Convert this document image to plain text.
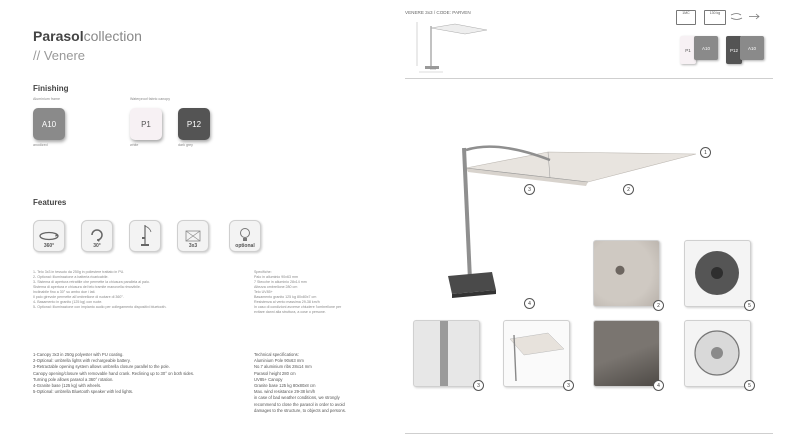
Parasolcollection
// Venere
Finishing
Aluminium frame	Waterproof fabric canopy
A10
anodized
P1
white
P12
dark grey
Features
360°	30°	3x3	optional
1- Telo 3x3 in tessuto da 250g in poliestere trattato in PU.
2- Optional: illuminazione a batteria ricaricabile.
3- Sistema di apertura retrattile che permette la chiusura parallela al palo.
Sistema di apertura e chiusura del telo tramite manovella rimovibile.
Inclinabile fino a 30° su ambo due i lati.
Il palo girevole permette all'ombrellone di ruotare di 360°.
4- Basamento in granito (125 kg) con ruote.
5- Optional: illuminazione con impianto audio per collegamento dispositivi bluetooth.
Specifiche:
Palo in alluminio 90x63 mm
7 Stecche in alluminio 28x14 mm
Altezza ombrellone 280 cm
Telo UV85+
Basamento granito 125 kg 80x80x7 cm
Resistenza al vento massima 29-38 km/h
In caso di condizioni avverse chiudere l'ombrellone per
evitare danni alla struttura, a cose o persone.
1-Canopy 3x3 in 250g polyester with PU coating.
2-Optional: umbrella lights with rechargeable battery.
3-Retractable opening system allows umbrella closure parallel to the pole.
Canopy opening/closure with removable hand crank. Reclining up to 30° on both sides.
Turning pole allows parasol a 360° rotation.
4-Granite base (125 kg) with wheels.
5-Optional: umbrella Bluetooth speaker with led lights.
Technical specifications:
Aluminium Pole 90x63 mm
No.7 aluminium ribs 28x14 mm
Parasol height 280 cm
UV85+ Canopy
Granite base 125 kg 80x80x8 cm
Max. wind resistance 29-38 km/h
in case of bad weather conditions, we strongly
recommend to close the parasol in order to avoid
damages to the structure, to objects and persons.
VENERE 3x3 / CODE: PARVEN
3 mt
1MC	130 kg
P1 A10	P12 A10
1
3	2
4	2	5
3	3	4	5
